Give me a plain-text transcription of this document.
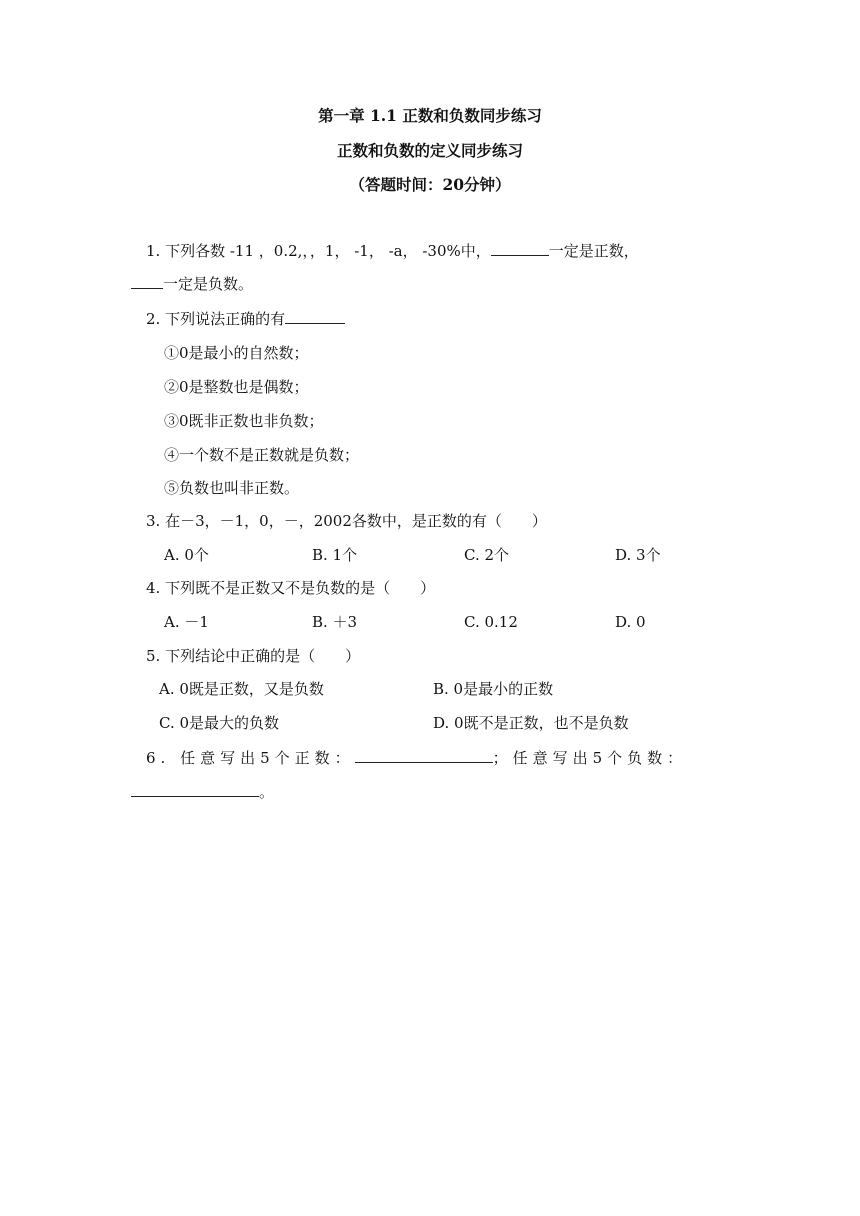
第一章 1.1 正数和负数同步练习
正数和负数的定义同步练习
（答题时间：20分钟）
1. 下列各数 -11 ，0.2,，，1， -1， -a， -30%中，	一定是正数，
一定是负数。
2. 下列说法正确的有
①0是最小的自然数；
②0是整数也是偶数；
③0既非正数也非负数；
④一个数不是正数就是负数；
⑤负数也叫非正数。
3. 在－3，－1，0，－，2002各数中，是正数的有（　　）
A. 0个	B. 1个	C. 2个	D. 3个
4. 下列既不是正数又不是负数的是（　　）
A. －1	B. ＋3	C. 0.12	D. 0
5. 下列结论中正确的是（　　）
A. 0既是正数，又是负数	B. 0是最小的正数
C. 0是最大的负数	D. 0既不是正数，也不是负数
6. 任意写出5个正数：	；任意写出5个负数：
。
